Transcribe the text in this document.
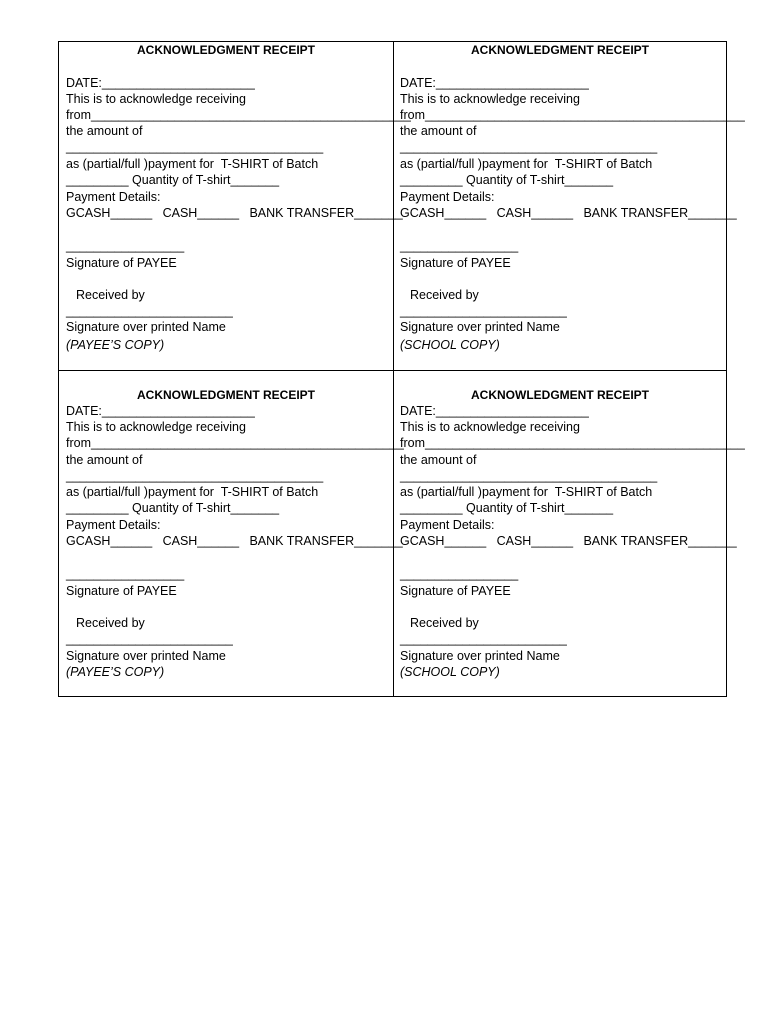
ACKNOWLEDGMENT RECEIPT
DATE:______________________
This is to acknowledge receiving
from______________________________________________
the amount of
_____________________________________
as (partial/full )payment for  T-SHIRT of Batch
_________ Quantity of T-shirt_______
Payment Details:
GCASH______   CASH______   BANK TRANSFER_______
_________________
Signature of PAYEE
Received by
________________________
Signature over printed Name
(PAYEE’S COPY)
ACKNOWLEDGMENT RECEIPT
DATE:______________________
This is to acknowledge receiving
from______________________________________________
the amount of
_____________________________________
as (partial/full )payment for  T-SHIRT of Batch
_________ Quantity of T-shirt_______
Payment Details:
GCASH______   CASH______   BANK TRANSFER_______
_________________
Signature of PAYEE
Received by
________________________
Signature over printed Name
(SCHOOL COPY)
ACKNOWLEDGMENT RECEIPT
DATE:______________________
This is to acknowledge receiving
from_____________________________________________
the amount of
_____________________________________
as (partial/full )payment for  T-SHIRT of Batch
_________ Quantity of T-shirt_______
Payment Details:
GCASH______   CASH______   BANK TRANSFER_______
_________________
Signature of PAYEE
Received by
________________________
Signature over printed Name
(PAYEE’S COPY)
ACKNOWLEDGMENT RECEIPT
DATE:______________________
This is to acknowledge receiving
from______________________________________________
the amount of
_____________________________________
as (partial/full )payment for  T-SHIRT of Batch
_________ Quantity of T-shirt_______
Payment Details:
GCASH______   CASH______   BANK TRANSFER_______
_________________
Signature of PAYEE
Received by
________________________
Signature over printed Name
(SCHOOL COPY)
